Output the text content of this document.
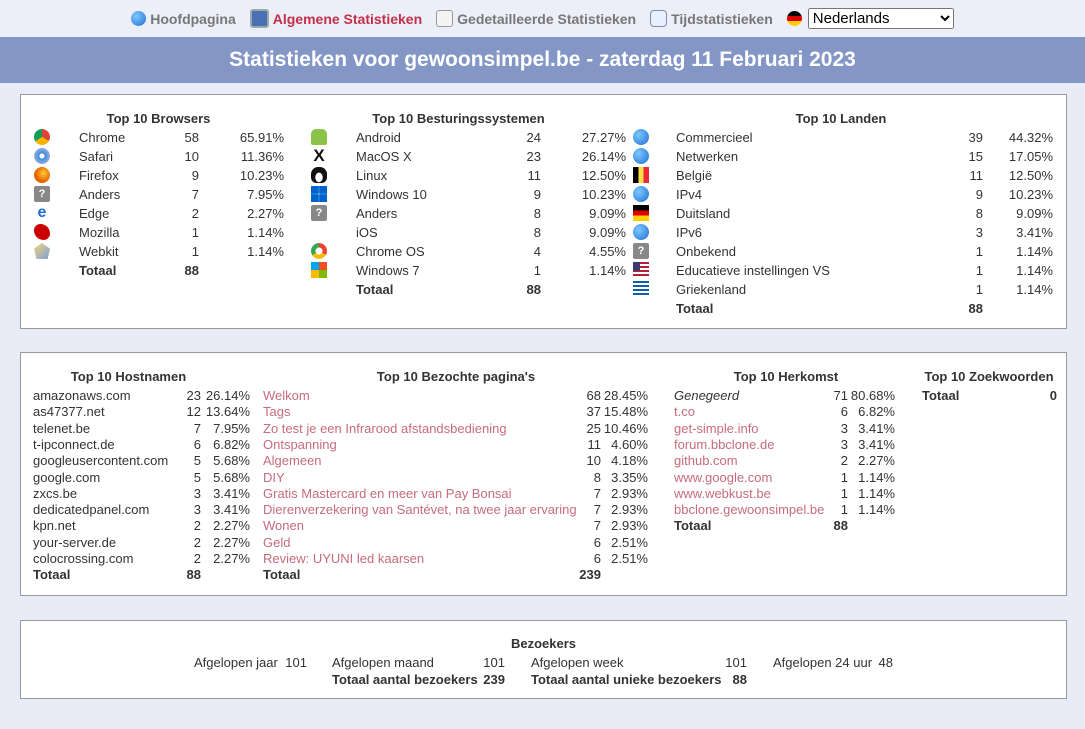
Hoofdpagina	Algemene Statistieken	Gedetailleerde Statistieken	Tijdstatistieken
Nederlands
Statistieken voor gewoonsimpel.be - zaterdag 11 Februari 2023
Top 10 Browsers
Chrome	58	65.91%
Safari	10	11.36%
Firefox	9	10.23%
?	Anders	7	7.95%
e	Edge	2	2.27%
Mozilla	1	1.14%
Webkit	1	1.14%
Totaal	88
Top 10 Besturingssystemen
Android	24	27.27%
X MacOS X	23	26.14%
Linux	11	12.50%
Windows 10	9	10.23%
?	Anders	8	9.09%
iOS	8	9.09%
Chrome OS	4	4.55%
Windows 7	1	1.14%
Totaal	88
Top 10 Landen
Commercieel	39	44.32%
Netwerken	15	17.05%
België	11	12.50%
IPv4	9	10.23%
Duitsland	8	9.09%
IPv6	3	3.41%
?	Onbekend	1	1.14%
Educatieve instellingen VS	1	1.14%
Griekenland	1	1.14%
Totaal	88
Top 10 Hostnamen
amazonaws.com	23 26.14%
as47377.net	12 13.64%
telenet.be	7 7.95%
t-ipconnect.de	6 6.82%
googleusercontent.com	5 5.68%
google.com	5 5.68%
zxcs.be	3 3.41%
dedicatedpanel.com	3 3.41%
kpn.net	2 2.27%
your-server.de	2 2.27%
colocrossing.com	2 2.27%
Totaal	88
Top 10 Bezochte pagina's
Welkom	68 28.45%
Tags	37 15.48%
Zo test je een Infrarood afstandsbediening	25 10.46%
Ontspanning	11 4.60%
Algemeen	10 4.18%
DIY	8 3.35%
Gratis Mastercard en meer van Pay Bonsai	7 2.93%
Dierenverzekering van Santévet, na twee jaar ervaring	7 2.93%
Wonen	7 2.93%
Geld	6 2.51%
Review: UYUNI led kaarsen	6 2.51%
Totaal	239
Top 10 Herkomst
Genegeerd	71 80.68%
t.co	6 6.82%
get-simple.info	3 3.41%
forum.bbclone.de	3 3.41%
github.com	2 2.27%
www.google.com	1 1.14%
www.webkust.be	1 1.14%
bbclone.gewoonsimpel.be	1 1.14%
Totaal	88
Top 10 Zoekwoorden
Totaal	0
Bezoekers
Afgelopen jaar 101 Afgelopen maand	101 Afgelopen week	101 Afgelopen 24 uur 48
Totaal aantal bezoekers 239 Totaal aantal unieke bezoekers 88
